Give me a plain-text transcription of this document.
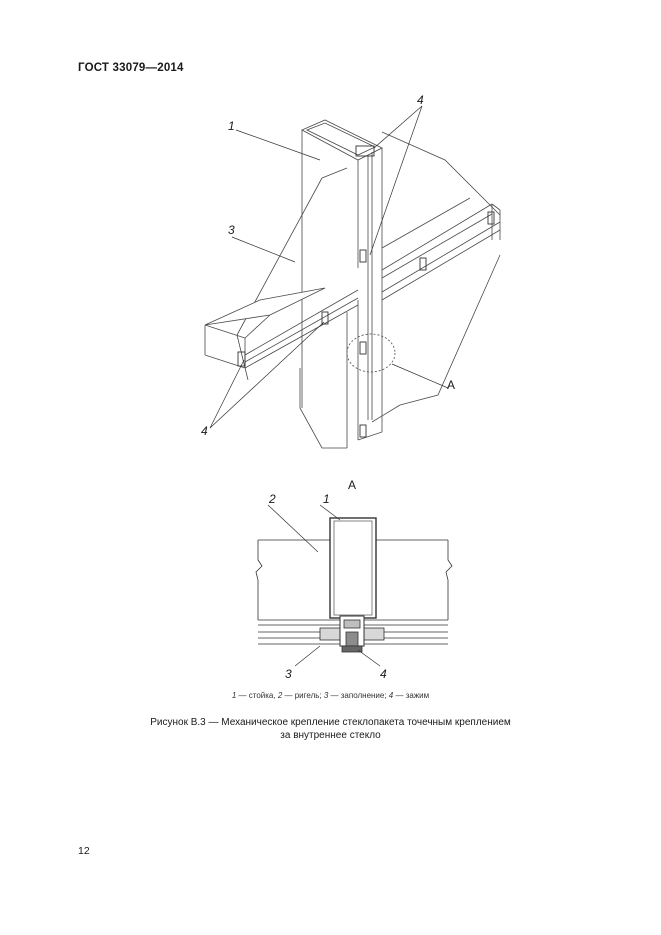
ГОСТ 33079—2014
1
3
4
4
A
A
1
2
3	4
1 — стойка, 2 — ригель; 3 — заполнение; 4 — зажим
Рисунок В.3 — Механическое крепление стеклопакета точечным креплением
за внутреннее стекло
12
